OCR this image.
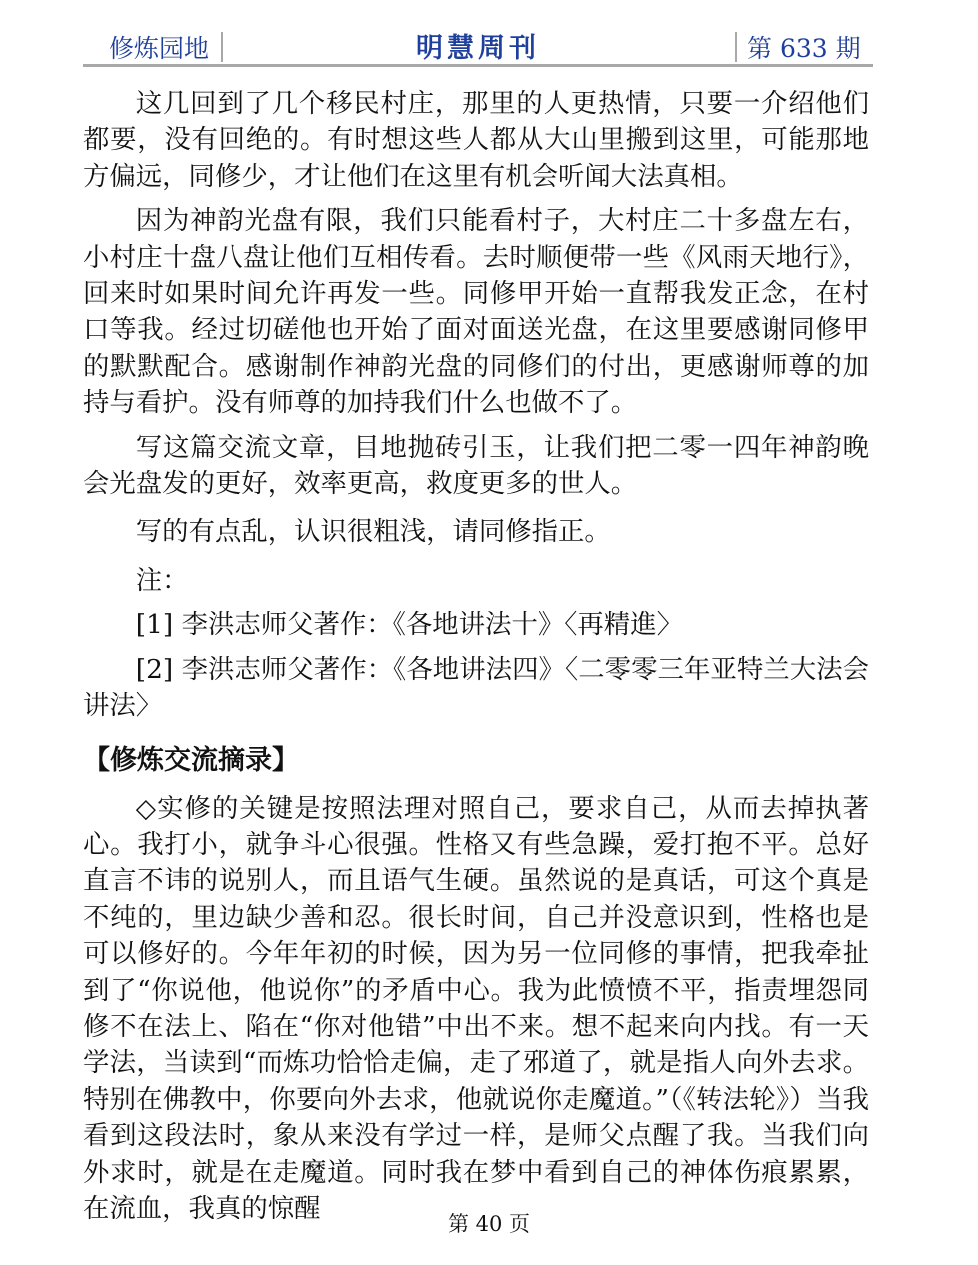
修炼园地	明慧周刊	第 633 期

这几回到了几个移民村庄，那里的人更热情，只要一介绍他们都要，没有回绝的。有时想这些人都从大山里搬到这里，可能那地方偏远，同修少，才让他们在这里有机会听闻大法真相。

因为神韵光盘有限，我们只能看村子，大村庄二十多盘左右，小村庄十盘八盘让他们互相传看。去时顺便带一些《风雨天地行》，回来时如果时间允许再发一些。同修甲开始一直帮我发正念，在村口等我。经过切磋他也开始了面对面送光盘，在这里要感谢同修甲的默默配合。感谢制作神韵光盘的同修们的付出，更感谢师尊的加持与看护。没有师尊的加持我们什么也做不了。

写这篇交流文章，目地抛砖引玉，让我们把二零一四年神韵晚会光盘发的更好，效率更高，救度更多的世人。

写的有点乱，认识很粗浅，请同修指正。

注：

[1] 李洪志师父著作：《各地讲法十》〈再精進〉

[2] 李洪志师父著作：《各地讲法四》〈二零零三年亚特兰大法会讲法〉

【修炼交流摘录】

◇实修的关键是按照法理对照自己，要求自己，从而去掉执著心。我打小，就争斗心很强。性格又有些急躁，爱打抱不平。总好直言不讳的说别人，而且语气生硬。虽然说的是真话，可这个真是不纯的，里边缺少善和忍。很长时间，自己并没意识到，性格也是可以修好的。今年年初的时候，因为另一位同修的事情，把我牵扯到了“你说他，他说你”的矛盾中心。我为此愤愤不平，指责埋怨同修不在法上、陷在“你对他错”中出不来。想不起来向内找。有一天学法，当读到“而炼功恰恰走偏，走了邪道了，就是指人向外去求。特别在佛教中，你要向外去求，他就说你走魔道。”（《转法轮》）当我看到这段法时，象从来没有学过一样，是师父点醒了我。当我们向外求时，就是在走魔道。同时我在梦中看到自己的神体伤痕累累，在流血，我真的惊醒

第 40 页
